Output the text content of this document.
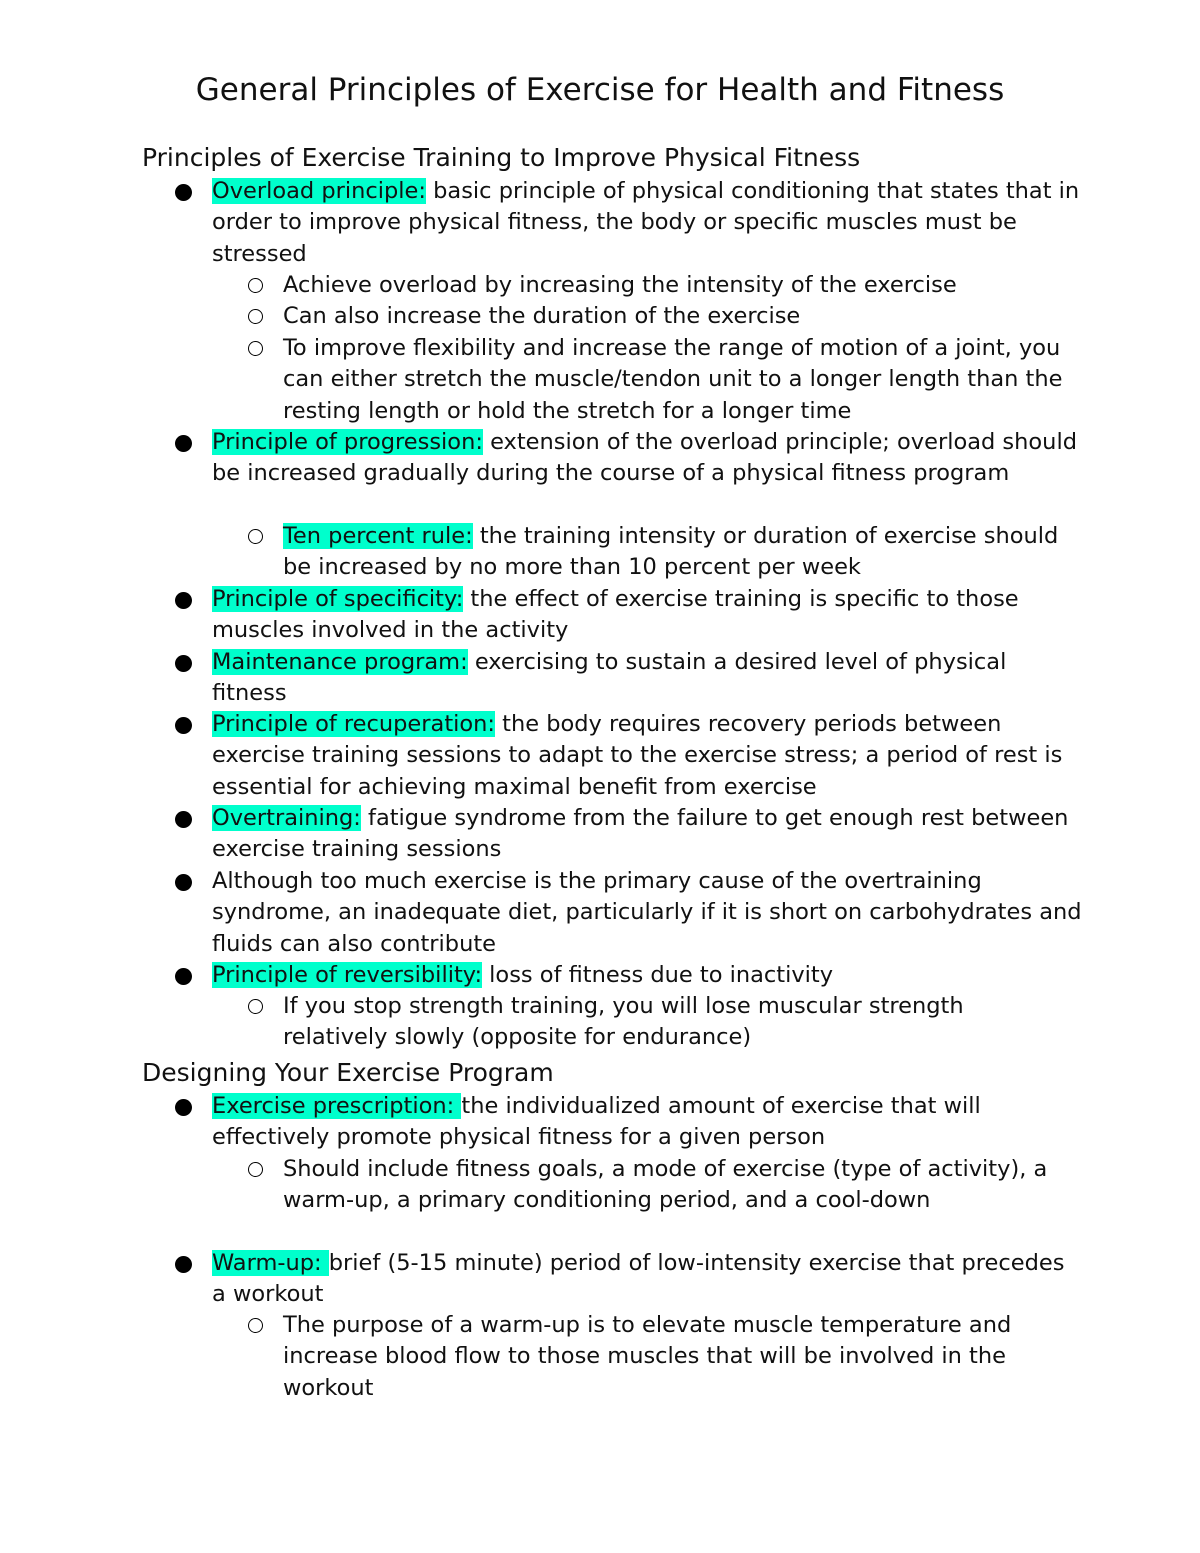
General Principles of Exercise for Health and Fitness
Principles of Exercise Training to Improve Physical Fitness
Overload principle: basic principle of physical conditioning that states that in order to improve physical fitness, the body or specific muscles must be stressed
Achieve overload by increasing the intensity of the exercise
Can also increase the duration of the exercise
To improve flexibility and increase the range of motion of a joint, you can either stretch the muscle/tendon unit to a longer length than the resting length or hold the stretch for a longer time
Principle of progression: extension of the overload principle; overload should be increased gradually during the course of a physical fitness program
Ten percent rule: the training intensity or duration of exercise should be increased by no more than 10 percent per week
Principle of specificity: the effect of exercise training is specific to those muscles involved in the activity
Maintenance program: exercising to sustain a desired level of physical fitness
Principle of recuperation: the body requires recovery periods between exercise training sessions to adapt to the exercise stress; a period of rest is essential for achieving maximal benefit from exercise
Overtraining: fatigue syndrome from the failure to get enough rest between exercise training sessions
Although too much exercise is the primary cause of the overtraining syndrome, an inadequate diet, particularly if it is short on carbohydrates and fluids can also contribute
Principle of reversibility: loss of fitness due to inactivity
If you stop strength training, you will lose muscular strength relatively slowly (opposite for endurance)
Designing Your Exercise Program
Exercise prescription: the individualized amount of exercise that will effectively promote physical fitness for a given person
Should include fitness goals, a mode of exercise (type of activity), a warm-up, a primary conditioning period, and a cool-down
Warm-up: brief (5-15 minute) period of low-intensity exercise that precedes a workout
The purpose of a warm-up is to elevate muscle temperature and increase blood flow to those muscles that will be involved in the workout
